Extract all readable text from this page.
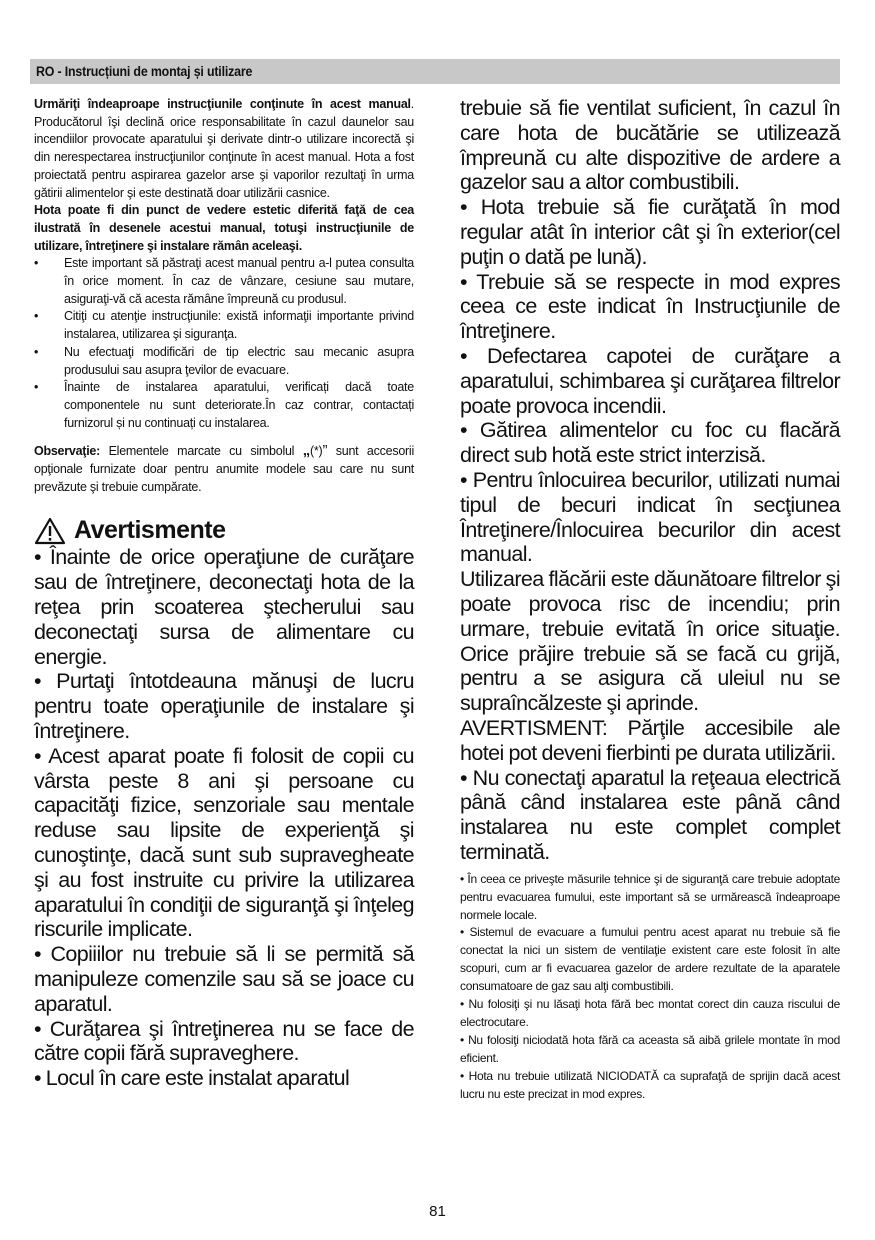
RO - Instrucțiuni de montaj și utilizare

Urmăriţi îndeaproape instrucţiunile conţinute în acest manual. Producătorul îşi declină orice responsabilitate în cazul daunelor sau incendiilor provocate aparatului şi derivate dintr-o utilizare incorectă şi din nerespectarea instrucţiunilor conţinute în acest manual. Hota a fost proiectată pentru aspirarea gazelor arse şi vaporilor rezultaţi în urma gătirii alimentelor şi este destinată doar utilizării casnice.

Hota poate fi din punct de vedere estetic diferită faţă de cea ilustrată în desenele acestui manual, totuşi instrucţiunile de utilizare, întreţinere şi instalare rămân aceleaşi.

• Este important să păstraţi acest manual pentru a-l putea consulta în orice moment. În caz de vânzare, cesiune sau mutare, asiguraţi-vă că acesta rămâne împreună cu produsul.
• Citiţi cu atenţie instrucţiunile: există informaţii importante privind instalarea, utilizarea şi siguranţa.
• Nu efectuaţi modificări de tip electric sau mecanic asupra produsului sau asupra ţevilor de evacuare.
• Înainte de instalarea aparatului, verificați dacă toate componentele nu sunt deteriorate.În caz contrar, contactați furnizorul și nu continuați cu instalarea.

Observaţie: Elementele marcate cu simbolul „(*)” sunt accesorii opţionale furnizate doar pentru anumite modele sau care nu sunt prevăzute şi trebuie cumpărate.

Avertismente

• Înainte de orice operaţiune de curăţare sau de întreţinere, deconectaţi hota de la reţea prin scoaterea ştecherului sau deconectaţi sursa de alimentare cu energie.

• Purtaţi întotdeauna mănuşi de lucru pentru toate operaţiunile de instalare şi întreţinere.

• Acest aparat poate fi folosit de copii cu vârsta peste 8 ani şi persoane cu capacităţi fizice, senzoriale sau mentale reduse sau lipsite de experienţă şi cunoştinţe, dacă sunt sub supravegheate şi au fost instruite cu privire la utilizarea aparatului în condiţii de siguranţă şi înţeleg riscurile implicate.

• Copiiilor nu trebuie să li se permită să manipuleze comenzile sau să se joace cu aparatul.

• Curăţarea şi întreţinerea nu se face de către copii fără supraveghere.

• Locul în care este instalat aparatul

trebuie să fie ventilat suficient, în cazul în care hota de bucătărie se utilizează împreună cu alte dispozitive de ardere a gazelor sau a altor combustibili.

• Hota trebuie să fie curăţată în mod regular atât în interior cât şi în exterior(cel puţin o dată pe lună).

• Trebuie să se respecte in mod expres ceea ce este indicat în Instrucţiunile de întreţinere.

• Defectarea capotei de curăţare a aparatului, schimbarea şi curăţarea filtrelor poate provoca incendii.

• Gătirea alimentelor cu foc cu flacără direct sub hotă este strict interzisă.

• Pentru înlocuirea becurilor, utilizati numai tipul de becuri indicat în secţiunea Întreţinere/Înlocuirea becurilor din acest manual.

Utilizarea flăcării este dăunătoare filtrelor şi poate provoca risc de incendiu; prin urmare, trebuie evitată în orice situaţie. Orice prăjire trebuie să se facă cu grijă, pentru a se asigura că uleiul nu se supraîncălzeste şi aprinde.

AVERTISMENT: Părţile accesibile ale hotei pot deveni fierbinti pe durata utilizării.

• Nu conectaţi aparatul la reţeaua electrică până când instalarea este până când instalarea nu este complet complet terminată.

• În ceea ce priveşte măsurile tehnice şi de siguranţă care trebuie adoptate pentru evacuarea fumului, este important să se urmărească îndeaproape normele locale.

• Sistemul de evacuare a fumului pentru acest aparat nu trebuie să fie conectat la nici un sistem de ventilaţie existent care este folosit în alte scopuri, cum ar fi evacuarea gazelor de ardere rezultate de la aparatele consumatoare de gaz sau alţi combustibili.

• Nu folosiţi şi nu lăsaţi hota fără bec montat corect din cauza riscului de electrocutare.

• Nu folosiţi niciodată hota fără ca aceasta să aibă grilele montate în mod eficient.

• Hota nu trebuie utilizată NICIODATĂ ca suprafaţă de sprijin dacă acest lucru nu este precizat in mod expres.

81
